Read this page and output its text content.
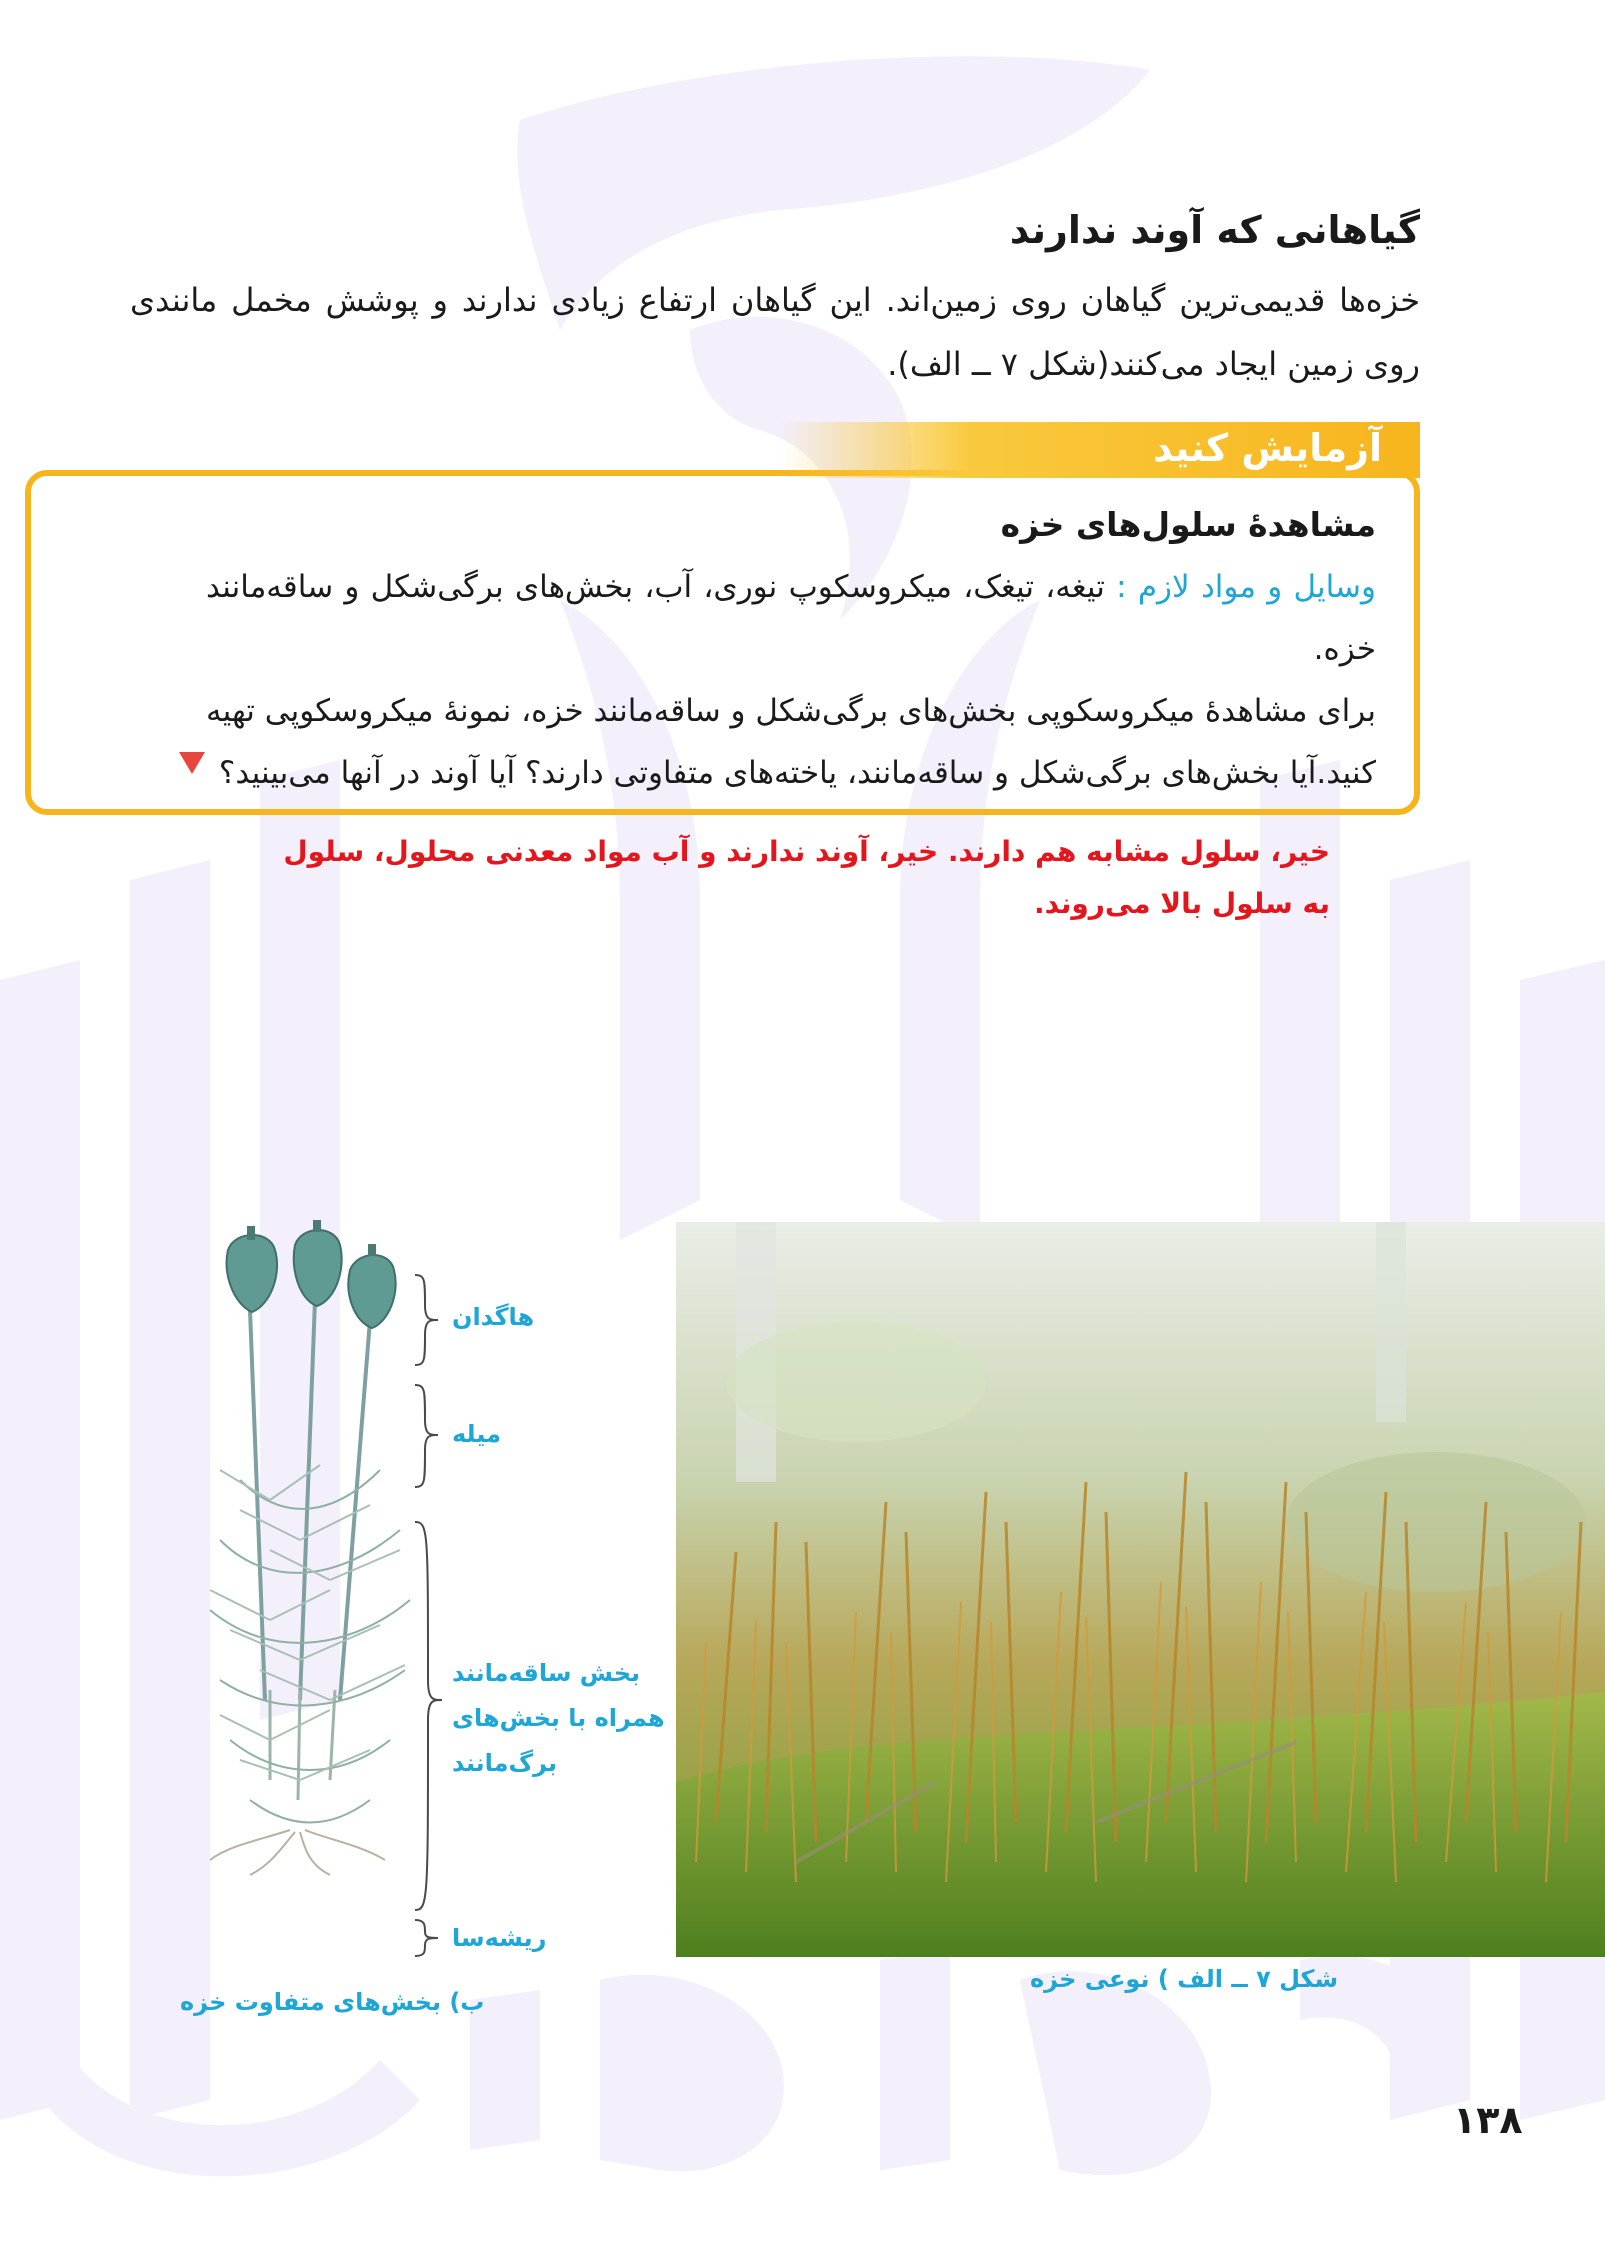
گیاهانی که آوند ندارند
خزه‌ها قدیمی‌ترین گیاهان روی زمین‌اند. این گیاهان ارتفاع زیادی ندارند و پوشش مخمل مانندی روی زمین ایجاد می‌کنند(شکل ۷ ــ الف).
مشاهدهٔ سلول‌های خزه
وسایل و مواد لازم : تیغه، تیغک، میکروسکوپ نوری، آب، بخش‌های برگی‌شکل و ساقه‌مانند خزه.
برای مشاهدهٔ میکروسکوپی بخش‌های برگی‌شکل و ساقه‌مانند خزه، نمونهٔ میکروسکوپی تهیه کنید.آیا بخش‌های برگی‌شکل و ساقه‌مانند، یاخته‌های متفاوتی دارند؟ آیا آوند در آنها می‌بینید؟
آزمایش کنید
خیر، سلول مشابه هم دارند. خیر، آوند ندارند و آب مواد معدنی محلول، سلول به سلول بالا می‌روند.
شکل ۷ ــ الف ) نوعی خزه
هاگدان
میله
بخش ساقه‌مانند
همراه با بخش‌های
برگ‌مانند
ریشه‌سا
ب) بخش‌های متفاوت خزه
۱۳۸
